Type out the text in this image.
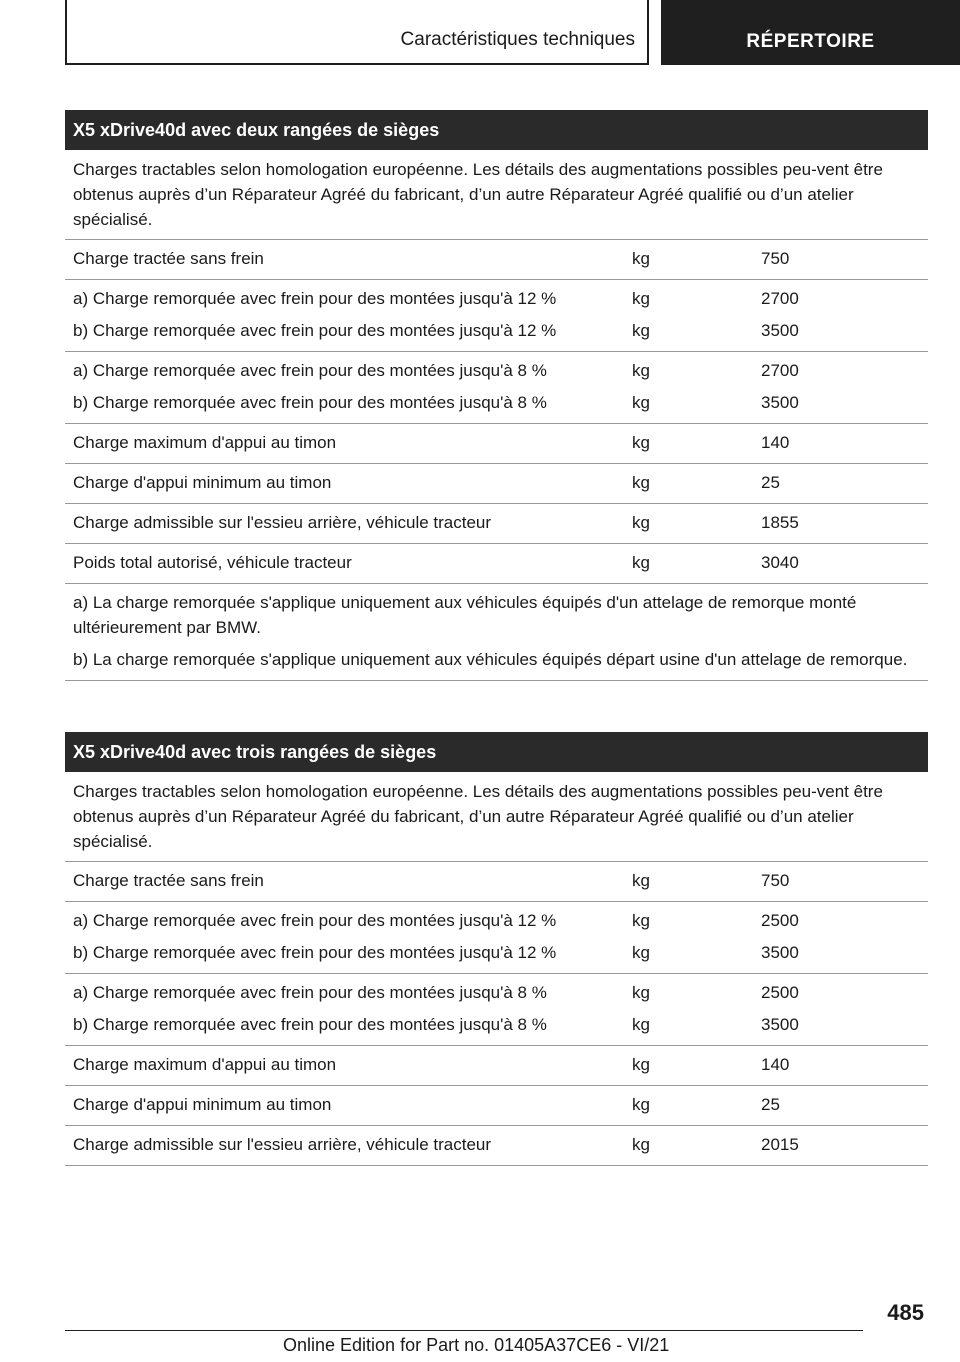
Caractéristiques techniques	RÉPERTOIRE
X5 xDrive40d avec deux rangées de sièges
Charges tractables selon homologation européenne. Les détails des augmentations possibles peu-vent être obtenus auprès d’un Réparateur Agréé du fabricant, d’un autre Réparateur Agréé qualifié ou d’un atelier spécialisé.
Charge tractée sans frein	kg	750
a) Charge remorquée avec frein pour des montées jusqu'à 12 %	kg	2700
b) Charge remorquée avec frein pour des montées jusqu'à 12 %	kg	3500
a) Charge remorquée avec frein pour des montées jusqu'à 8 %	kg	2700
b) Charge remorquée avec frein pour des montées jusqu'à 8 %	kg	3500
Charge maximum d'appui au timon	kg	140
Charge d'appui minimum au timon	kg	25
Charge admissible sur l'essieu arrière, véhicule tracteur	kg	1855
Poids total autorisé, véhicule tracteur	kg	3040

a) La charge remorquée s'applique uniquement aux véhicules équipés d'un attelage de remorque monté ultérieurement par BMW.

b) La charge remorquée s'applique uniquement aux véhicules équipés départ usine d'un attelage de remorque.

X5 xDrive40d avec trois rangées de sièges
Charges tractables selon homologation européenne. Les détails des augmentations possibles peu-vent être obtenus auprès d’un Réparateur Agréé du fabricant, d’un autre Réparateur Agréé qualifié ou d’un atelier spécialisé.
Charge tractée sans frein	kg	750
a) Charge remorquée avec frein pour des montées jusqu'à 12 %	kg	2500
b) Charge remorquée avec frein pour des montées jusqu'à 12 %	kg	3500
a) Charge remorquée avec frein pour des montées jusqu'à 8 %	kg	2500
b) Charge remorquée avec frein pour des montées jusqu'à 8 %	kg	3500
Charge maximum d'appui au timon	kg	140
Charge d'appui minimum au timon	kg	25
Charge admissible sur l'essieu arrière, véhicule tracteur	kg	2015
485
Online Edition for Part no. 01405A37CE6 - VI/21
